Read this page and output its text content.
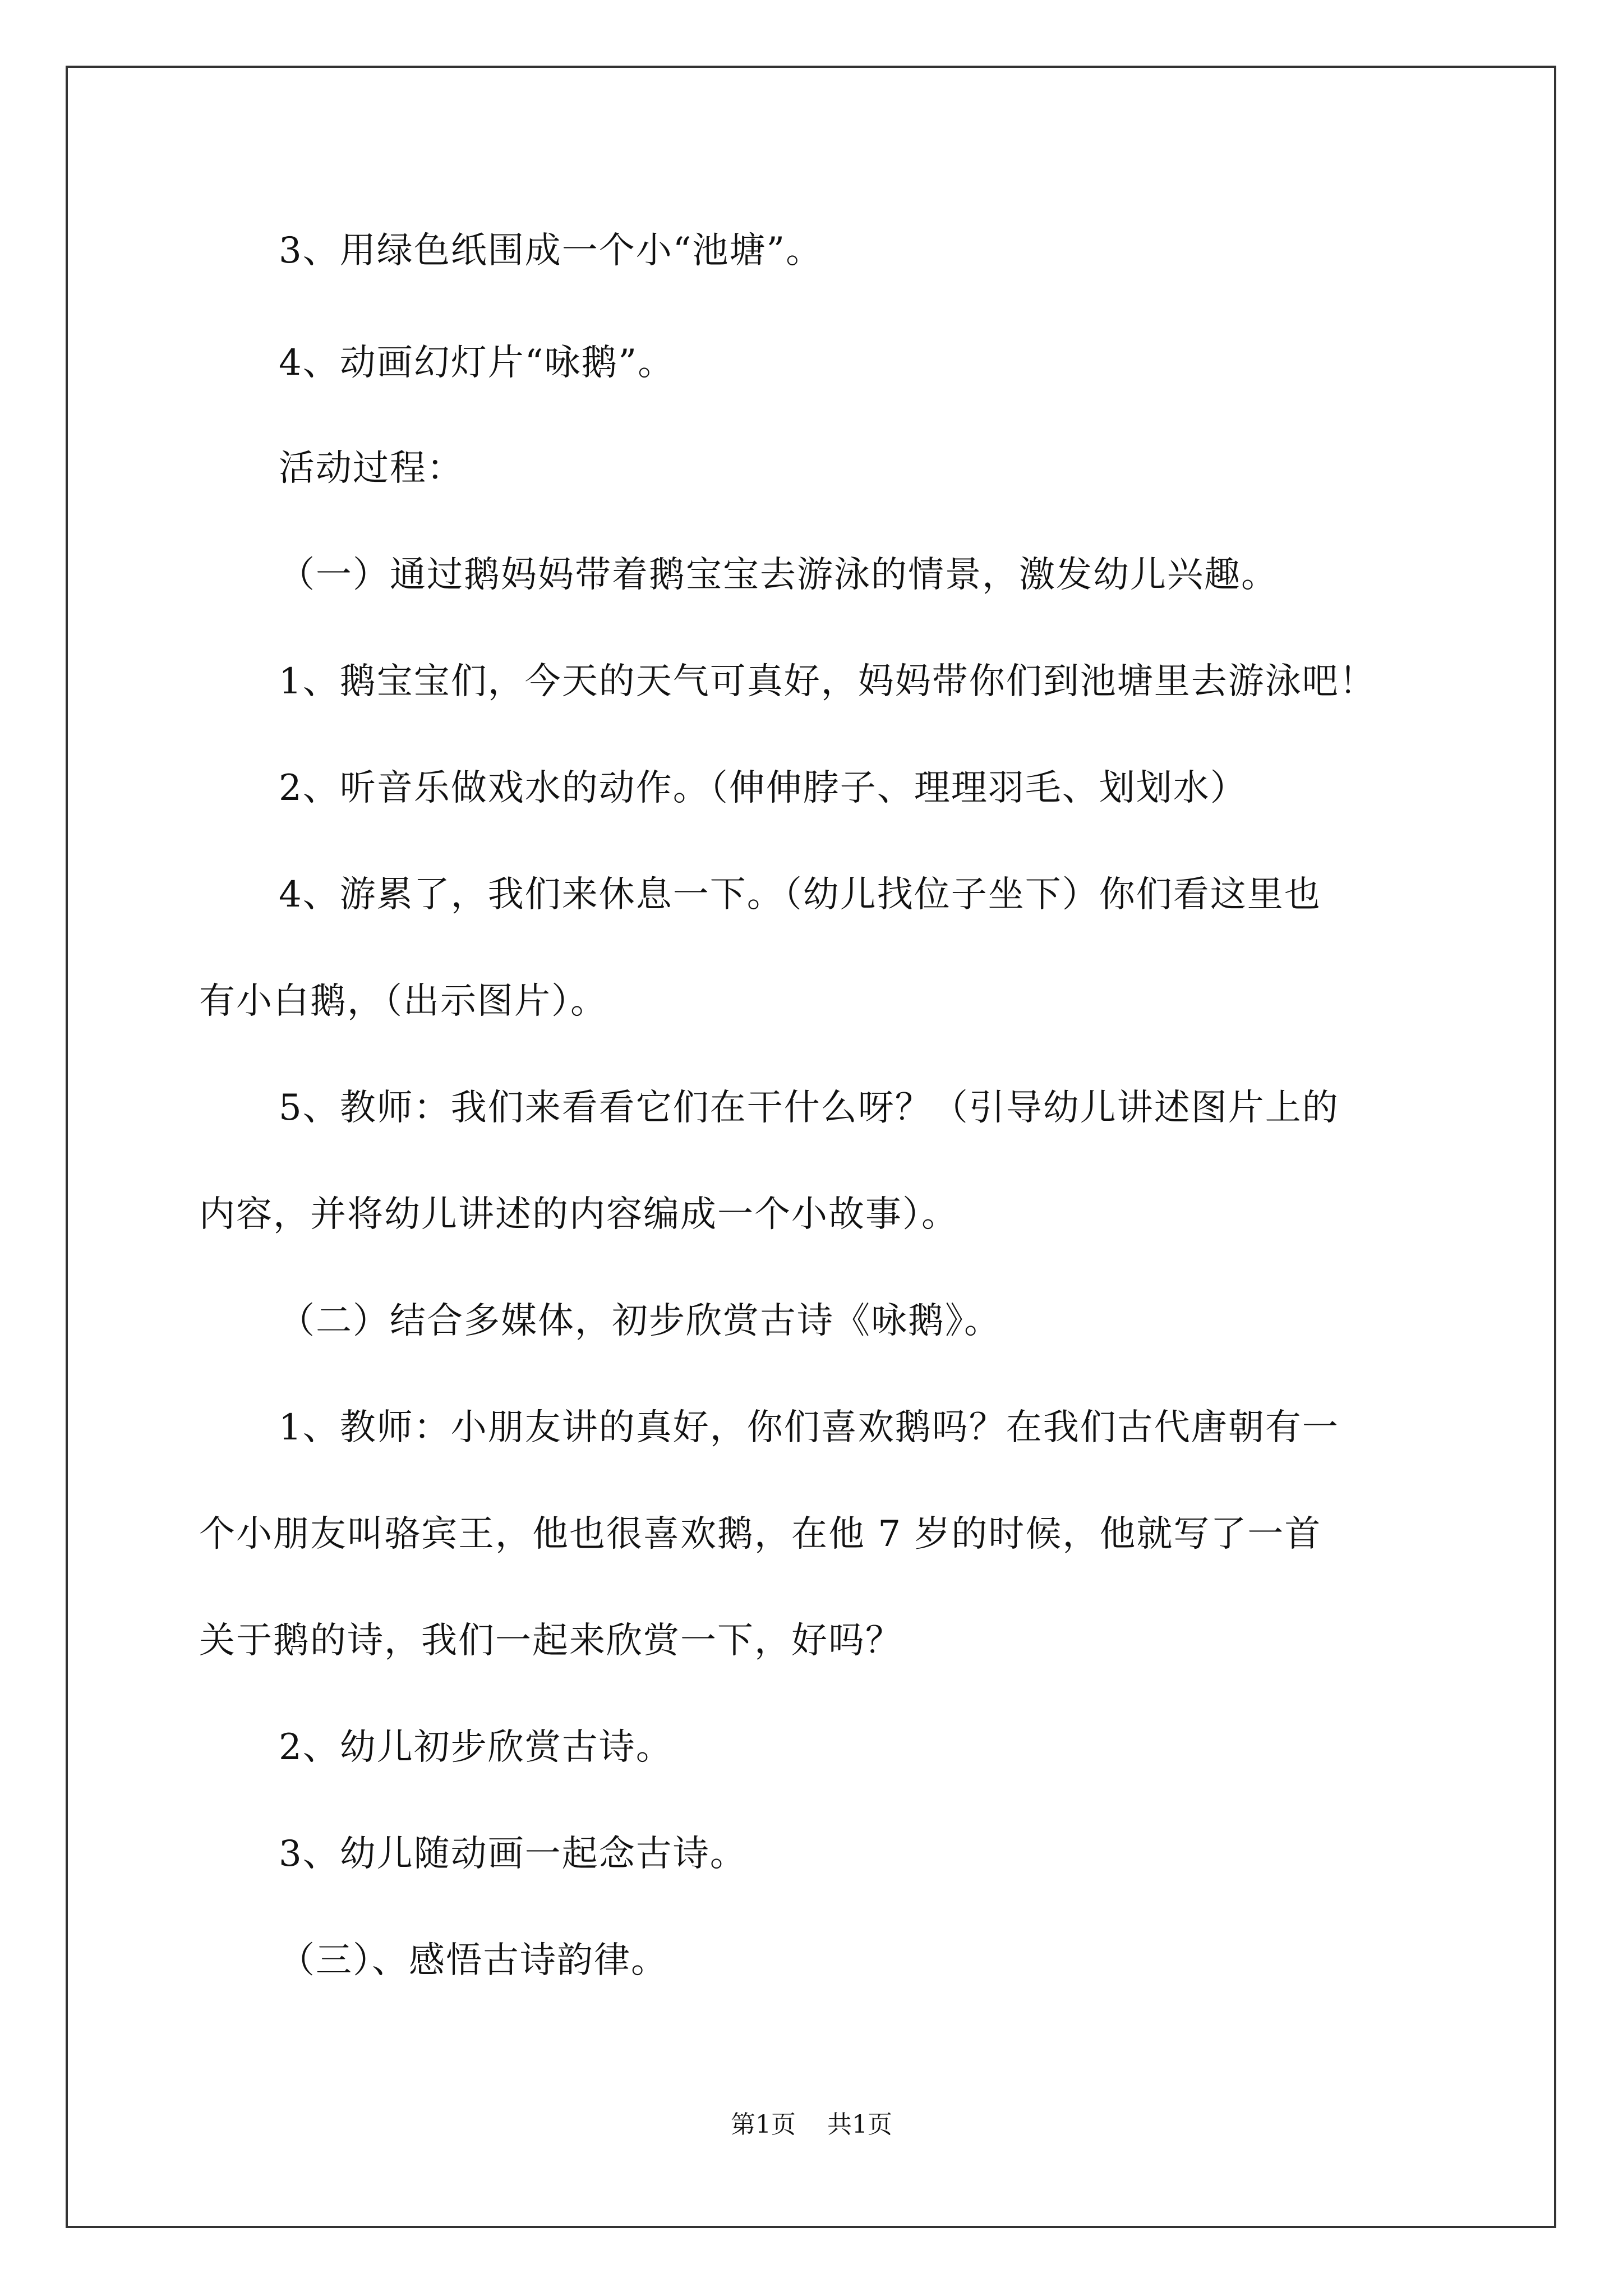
3、用绿色纸围成一个小“池塘”。

4、动画幻灯片“咏鹅”。

活动过程：

（一）通过鹅妈妈带着鹅宝宝去游泳的情景，激发幼儿兴趣。

1、鹅宝宝们，今天的天气可真好，妈妈带你们到池塘里去游泳吧！

2、听音乐做戏水的动作。（伸伸脖子、理理羽毛、划划水）

4、游累了，我们来休息一下。（幼儿找位子坐下）你们看这里也

有小白鹅，（出示图片）。

5、教师：我们来看看它们在干什么呀？（引导幼儿讲述图片上的

内容，并将幼儿讲述的内容编成一个小故事）。

（二）结合多媒体，初步欣赏古诗《咏鹅》。

1、教师：小朋友讲的真好，你们喜欢鹅吗？在我们古代唐朝有一

个小朋友叫骆宾王，他也很喜欢鹅，在他 7 岁的时候，他就写了一首

关于鹅的诗，我们一起来欣赏一下，好吗？

2、幼儿初步欣赏古诗。

3、幼儿随动画一起念古诗。

（三）、感悟古诗韵律。

第1页    共1页
